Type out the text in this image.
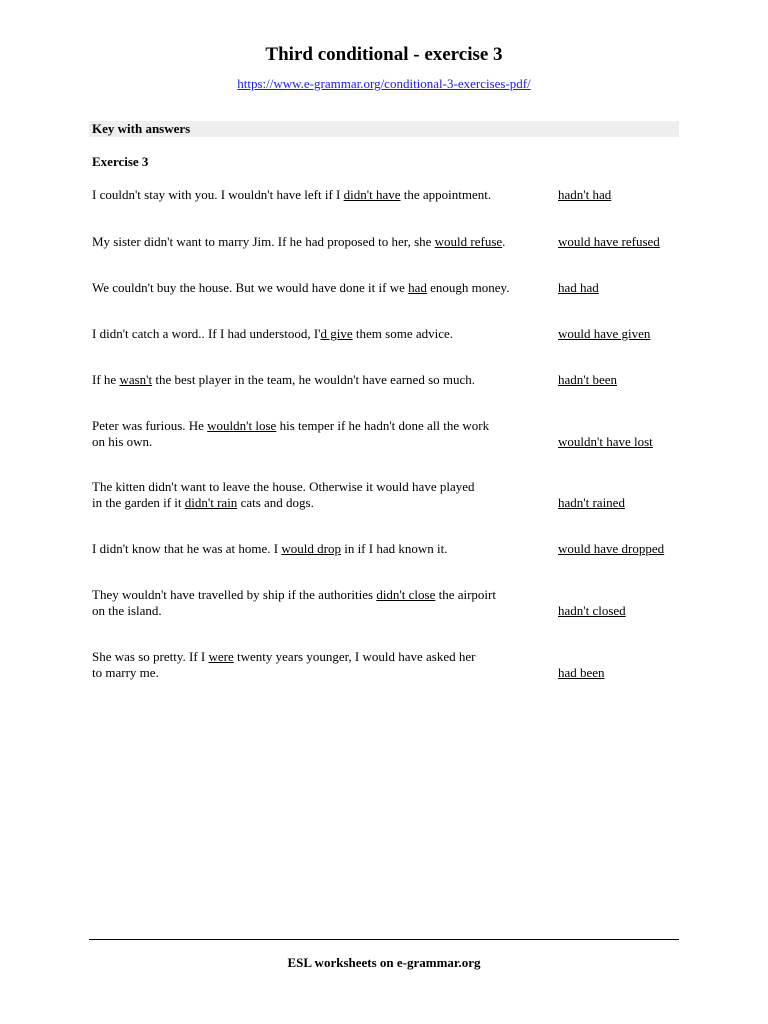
Third conditional - exercise 3
https://www.e-grammar.org/conditional-3-exercises-pdf/
Key with answers
Exercise 3
I couldn't stay with you. I wouldn't have left if I didn't have the appointment.	hadn't had
My sister didn't want to marry Jim. If he had proposed to her, she would refuse.	would have refused
We couldn't buy the house. But we would have done it if we had enough money.	had had
I didn't catch a word.. If I had understood, I'd give them some advice.	would have given
If he wasn't the best player in the team, he wouldn't have earned so much.	hadn't been
Peter was furious. He wouldn't lose his temper if he hadn't done all the work
on his own.	wouldn't have lost
The kitten didn't want to leave the house. Otherwise it would have played
in the garden if it didn't rain cats and dogs.	hadn't rained
I didn't know that he was at home. I would drop in if I had known it.	would have dropped
They wouldn't have travelled by ship if the authorities didn't close the airpoirt
on the island.	hadn't closed
She was so pretty. If I were twenty years younger, I would have asked her
to marry me.	had been
ESL worksheets on e-grammar.org
